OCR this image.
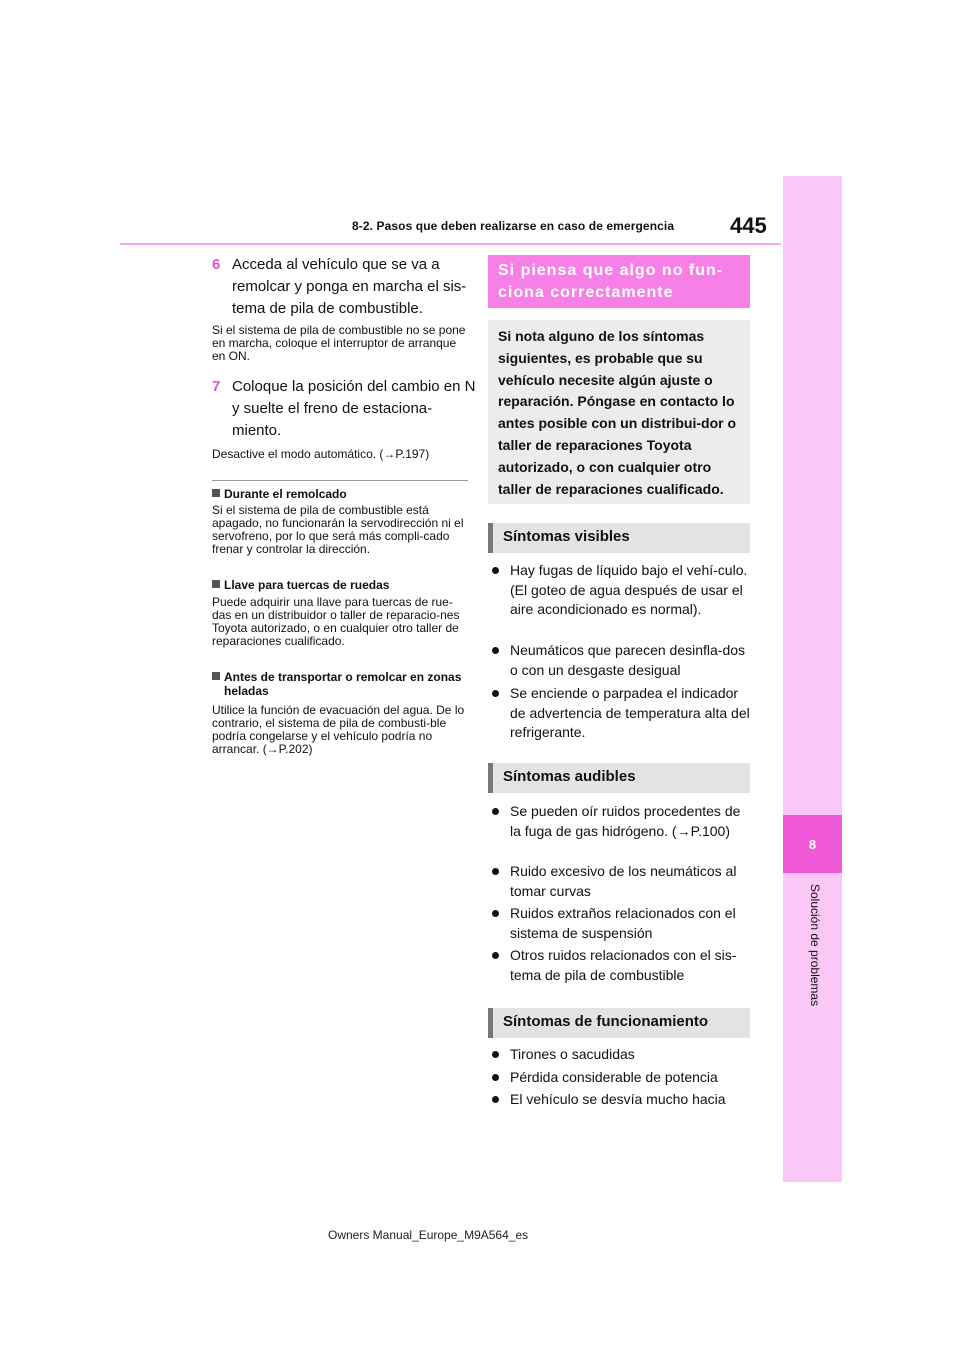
8
Solución de problemas
8-2. Pasos que deben realizarse en caso de emergencia	445
6 Acceda al vehículo que se va a remolcar y ponga en marcha el sis-tema de pila de combustible.
Si el sistema de pila de combustible no se pone en marcha, coloque el interruptor de arranque en ON.
7 Coloque la posición del cambio en N y suelte el freno de estaciona-miento.
Desactive el modo automático. (→P.197)
Durante el remolcado
Si el sistema de pila de combustible está apagado, no funcionarán la servodirección ni el servofreno, por lo que será más compli-cado frenar y controlar la dirección.
Llave para tuercas de ruedas
Puede adquirir una llave para tuercas de rue-das en un distribuidor o taller de reparacio-nes Toyota autorizado, o en cualquier otro taller de reparaciones cualificado.
Antes de transportar o remolcar en zonas heladas
Utilice la función de evacuación del agua. De lo contrario, el sistema de pila de combusti-ble podría congelarse y el vehículo podría no arrancar. (→P.202)
Si piensa que algo no fun-ciona correctamente
Si nota alguno de los síntomas siguientes, es probable que su vehículo necesite algún ajuste o reparación. Póngase en contacto lo antes posible con un distribui-dor o taller de reparaciones Toyota autorizado, o con cualquier otro taller de reparaciones cualificado.
Síntomas visibles
Hay fugas de líquido bajo el vehí-culo. (El goteo de agua después de usar el aire acondicionado es normal).
Neumáticos que parecen desinfla-dos o con un desgaste desigual
Se enciende o parpadea el indicador de advertencia de temperatura alta del refrigerante.
Síntomas audibles
Se pueden oír ruidos procedentes de la fuga de gas hidrógeno. (→P.100)
Ruido excesivo de los neumáticos al tomar curvas
Ruidos extraños relacionados con el sistema de suspensión
Otros ruidos relacionados con el sis-tema de pila de combustible
Síntomas de funcionamiento
Tirones o sacudidas
Pérdida considerable de potencia
El vehículo se desvía mucho hacia
Owners Manual_Europe_M9A564_es
